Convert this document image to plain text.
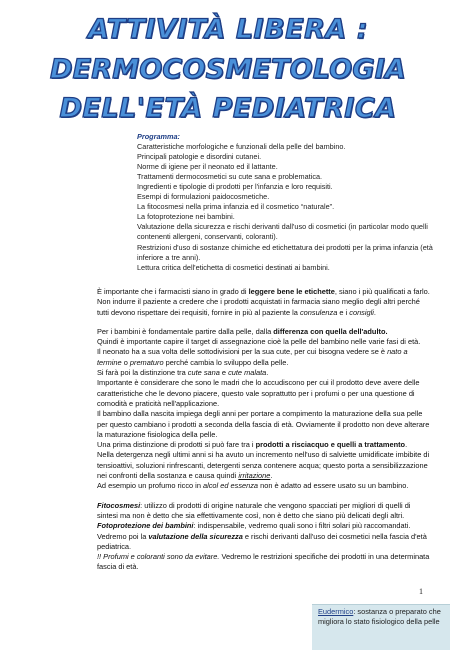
ATTIVITÀ LIBERA :
DERMOCOSMETOLOGIA
DELL'ETÀ PEDIATRICA
Programma:
Caratteristiche morfologiche e funzionali della pelle del bambino.
Principali patologie e disordini cutanei.
Norme di igiene per il neonato ed il lattante.
Trattamenti dermocosmetici su cute sana e problematica.
Ingredienti e tipologie di prodotti per l'infanzia e loro requisiti.
Esempi di formulazioni paidocosmetiche.
La fitocosmesi nella prima infanzia ed il cosmetico “naturale”.
La fotoprotezione nei bambini.
Valutazione della sicurezza e rischi derivanti dall'uso di cosmetici (in particolar modo quelli contenenti allergeni, conservanti, coloranti).
Restrizioni d'uso di sostanze chimiche ed etichettatura dei prodotti per la prima infanzia (età inferiore a tre anni).
Lettura critica dell'etichetta di cosmetici destinati ai bambini.

È importante che i farmacisti siano in grado di leggere bene le etichette, siano i più qualificati a farlo. Non indurre il paziente a credere che i prodotti acquistati in farmacia siano meglio degli altri perché tutti devono rispettare dei requisiti, fornire in più al paziente la consulenza e i consigli.

Per i bambini è fondamentale partire dalla pelle, dalla differenza con quella dell'adulto.
Quindi è importante capire il target di assegnazione cioè la pelle del bambino nelle varie fasi di età.
Il neonato ha a sua volta delle sottodivisioni per la sua cute, per cui bisogna vedere se è nato a termine o prematuro perché cambia lo sviluppo della pelle.
Si farà poi la distinzione tra cute sana e cute malata.
Importante è considerare che sono le madri che lo accudiscono per cui il prodotto deve avere delle caratteristiche che le devono piacere, questo vale soprattutto per i profumi o per una questione di comodità e praticità nell'applicazione.
Il bambino dalla nascita impiega degli anni per portare a compimento la maturazione della sua pelle per questo cambiano i prodotti a seconda della fascia di età. Ovviamente il prodotto non deve alterare la maturazione fisiologica della pelle.
Una prima distinzione di prodotti si può fare tra i prodotti a risciacquo e quelli a trattamento.
Nella detergenza negli ultimi anni si ha avuto un incremento nell'uso di salviette umidificate imbibite di tensioattivi, soluzioni rinfrescanti, detergenti senza contenere acqua; questo porta a sensibilizzazione nei confronti della sostanza e causa quindi irritazione.
Ad esempio un profumo ricco in alcol ed essenza non è adatto ad essere usato su un bambino.

Fitocosmesi: utilizzo di prodotti di origine naturale che vengono spacciati per migliori di quelli di sintesi ma non è detto che sia effettivamente così, non è detto che siano più delicati degli altri.
Fotoprotezione dei bambini: indispensabile, vedremo quali sono i filtri solari più raccomandati.
Vedremo poi la valutazione della sicurezza e rischi derivanti dall'uso dei cosmetici nella fascia d'età pediatrica.
!! Profumi e coloranti sono da evitare. Vedremo le restrizioni specifiche dei prodotti in una determinata fascia di età.

1
Eudermico: sostanza o preparato che migliora lo stato fisiologico della pelle
